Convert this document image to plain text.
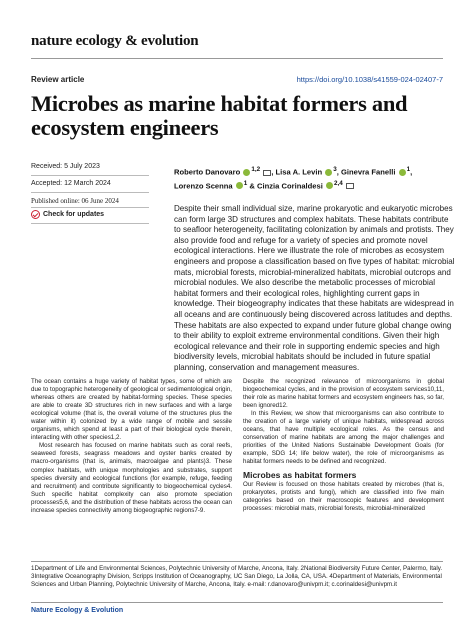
nature ecology & evolution
Review article	https://doi.org/10.1038/s41559-024-02407-7
Microbes as marine habitat formers and ecosystem engineers
Received: 5 July 2023
Accepted: 12 March 2024
Published online: 06 June 2024
Check for updates
Roberto Danovaro $^{1,2}$ , Lisa A. Levin $^3$, Ginevra Fanelli $^1$,
Lorenzo Scenna $^1$ & Cinzia Corinaldesi $^{2,4}$
Despite their small individual size, marine prokaryotic and eukaryotic microbes can form large 3D structures and complex habitats. These habitats contribute to seafloor heterogeneity, facilitating colonization by animals and protists. They also provide food and refuge for a variety of species and promote novel ecological interactions. Here we illustrate the role of microbes as ecosystem engineers and propose a classification based on five types of habitat: microbial mats, microbial forests, microbial-mineralized habitats, microbial outcrops and microbial nodules. We also describe the metabolic processes of microbial habitat formers and their ecological roles, highlighting current gaps in knowledge. Their biogeography indicates that these habitats are widespread in all oceans and are continuously being discovered across latitudes and depths. These habitats are also expected to expand under future global change owing to their ability to exploit extreme environmental conditions. Given their high ecological relevance and their role in supporting endemic species and high biodiversity levels, microbial habitats should be included in future spatial planning, conservation and management measures.

The ocean contains a huge variety of habitat types, some of which are due to topographic heterogeneity of geological or sedimentological origin, whereas others are created by habitat-forming species. These species are able to create 3D structures rich in new surfaces and with a large ecological volume (that is, the overall volume of the structures plus the water within it) colonized by a wide range of mobile and sessile organisms, which spend at least a part of their biological cycle therein, interacting with other species1,2.

Most research has focused on marine habitats such as coral reefs, seaweed forests, seagrass meadows and oyster banks created by macro-organisms (that is, animals, macroalgae and plants)3. These complex habitats, with unique morphologies and substrates, support species diversity and ecological functions (for example, refuge, feeding and recruitment) and contribute significantly to biogeochemical cycles4. Such specific habitat complexity can also promote speciation processes5,6, and the distribution of these habitats across the ocean can increase species connectivity among biogeographic regions7-9.

Despite the recognized relevance of microorganisms in global biogeochemical cycles, and in the provision of ecosystem services10,11, their role as marine habitat formers and ecosystem engineers has, so far, been ignored12.

In this Review, we show that microorganisms can also contribute to the creation of a large variety of unique habitats, widespread across oceans, that have multiple ecological roles. As the census and conservation of marine habitats are among the major challenges and priorities of the United Nations Sustainable Development Goals (for example, SDG 14; life below water), the role of microorganisms as habitat formers needs to be defined and recognized.

Microbes as habitat formers

Our Review is focused on those habitats created by microbes (that is, prokaryotes, protists and fungi), which are classified into five main categories based on their macroscopic features and development processes: microbial mats, microbial forests, microbial-mineralized

1Department of Life and Environmental Sciences, Polytechnic University of Marche, Ancona, Italy. 2National Biodiversity Future Center, Palermo, Italy. 3Integrative Oceanography Division, Scripps Institution of Oceanography, UC San Diego, La Jolla, CA, USA. 4Department of Materials, Environmental Sciences and Urban Planning, Polytechnic University of Marche, Ancona, Italy. e-mail: r.danovaro@univpm.it; c.corinaldesi@univpm.it
Nature Ecology & Evolution
